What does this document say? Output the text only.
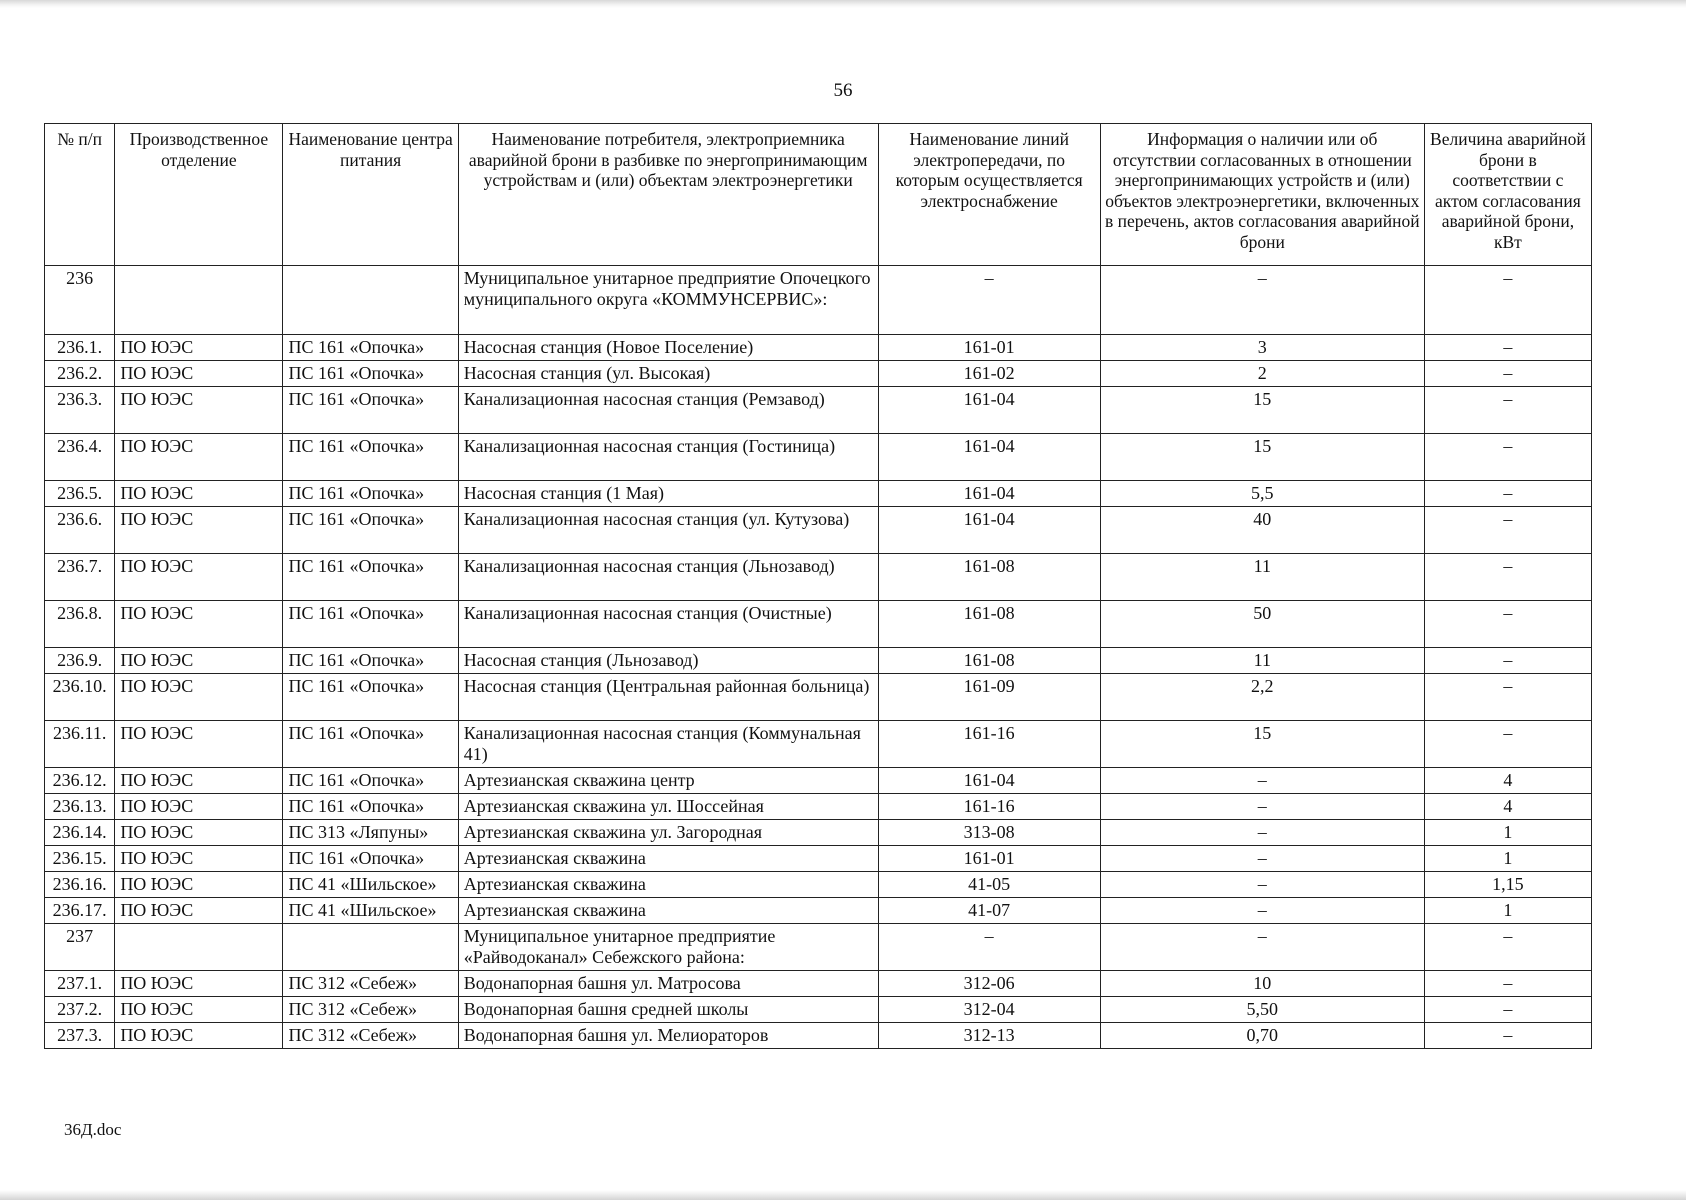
56
№ п/п	Производственное отделение	Наименование центра питания	Наименование потребителя, электроприемника аварийной брони в разбивке по энергопринимающим устройствам и (или) объектам электроэнергетики	Наименование линий электропередачи, по которым осуществляется электроснабжение	Информация о наличии или об отсутствии согласованных в отношении энергопринимающих устройств и (или) объектов электроэнергетики, включенных в перечень, актов согласования аварийной брони	Величина аварийной брони в соответствии с актом согласования аварийной брони, кВт
236			Муниципальное унитарное предприятие Опочецкого муниципального округа «КОММУНСЕРВИС»:	–	–	–
236.1.	ПО ЮЭС	ПС 161 «Опочка»	Насосная станция (Новое Поселение)	161-01	3	–
236.2.	ПО ЮЭС	ПС 161 «Опочка»	Насосная станция (ул. Высокая)	161-02	2	–
236.3.	ПО ЮЭС	ПС 161 «Опочка»	Канализационная насосная станция (Ремзавод)	161-04	15	–
236.4.	ПО ЮЭС	ПС 161 «Опочка»	Канализационная насосная станция (Гостиница)	161-04	15	–
236.5.	ПО ЮЭС	ПС 161 «Опочка»	Насосная станция (1 Мая)	161-04	5,5	–
236.6.	ПО ЮЭС	ПС 161 «Опочка»	Канализационная насосная станция (ул. Кутузова)	161-04	40	–
236.7.	ПО ЮЭС	ПС 161 «Опочка»	Канализационная насосная станция (Льнозавод)	161-08	11	–
236.8.	ПО ЮЭС	ПС 161 «Опочка»	Канализационная насосная станция (Очистные)	161-08	50	–
236.9.	ПО ЮЭС	ПС 161 «Опочка»	Насосная станция (Льнозавод)	161-08	11	–
236.10.	ПО ЮЭС	ПС 161 «Опочка»	Насосная станция (Центральная районная больница)	161-09	2,2	–
236.11.	ПО ЮЭС	ПС 161 «Опочка»	Канализационная насосная станция (Коммунальная 41)	161-16	15	–
236.12.	ПО ЮЭС	ПС 161 «Опочка»	Артезианская скважина центр	161-04	–	4
236.13.	ПО ЮЭС	ПС 161 «Опочка»	Артезианская скважина ул. Шоссейная	161-16	–	4
236.14.	ПО ЮЭС	ПС 313 «Ляпуны»	Артезианская скважина ул. Загородная	313-08	–	1
236.15.	ПО ЮЭС	ПС 161 «Опочка»	Артезианская скважина	161-01	–	1
236.16.	ПО ЮЭС	ПС 41 «Шильское»	Артезианская скважина	41-05	–	1,15
236.17.	ПО ЮЭС	ПС 41 «Шильское»	Артезианская скважина	41-07	–	1
237			Муниципальное унитарное предприятие «Райводоканал» Себежского района:	–	–	–
237.1.	ПО ЮЭС	ПС 312 «Себеж»	Водонапорная башня ул. Матросова	312-06	10	–
237.2.	ПО ЮЭС	ПС 312 «Себеж»	Водонапорная башня средней школы	312-04	5,50	–
237.3.	ПО ЮЭС	ПС 312 «Себеж»	Водонапорная башня ул. Мелиораторов	312-13	0,70	–
36Д.doc
